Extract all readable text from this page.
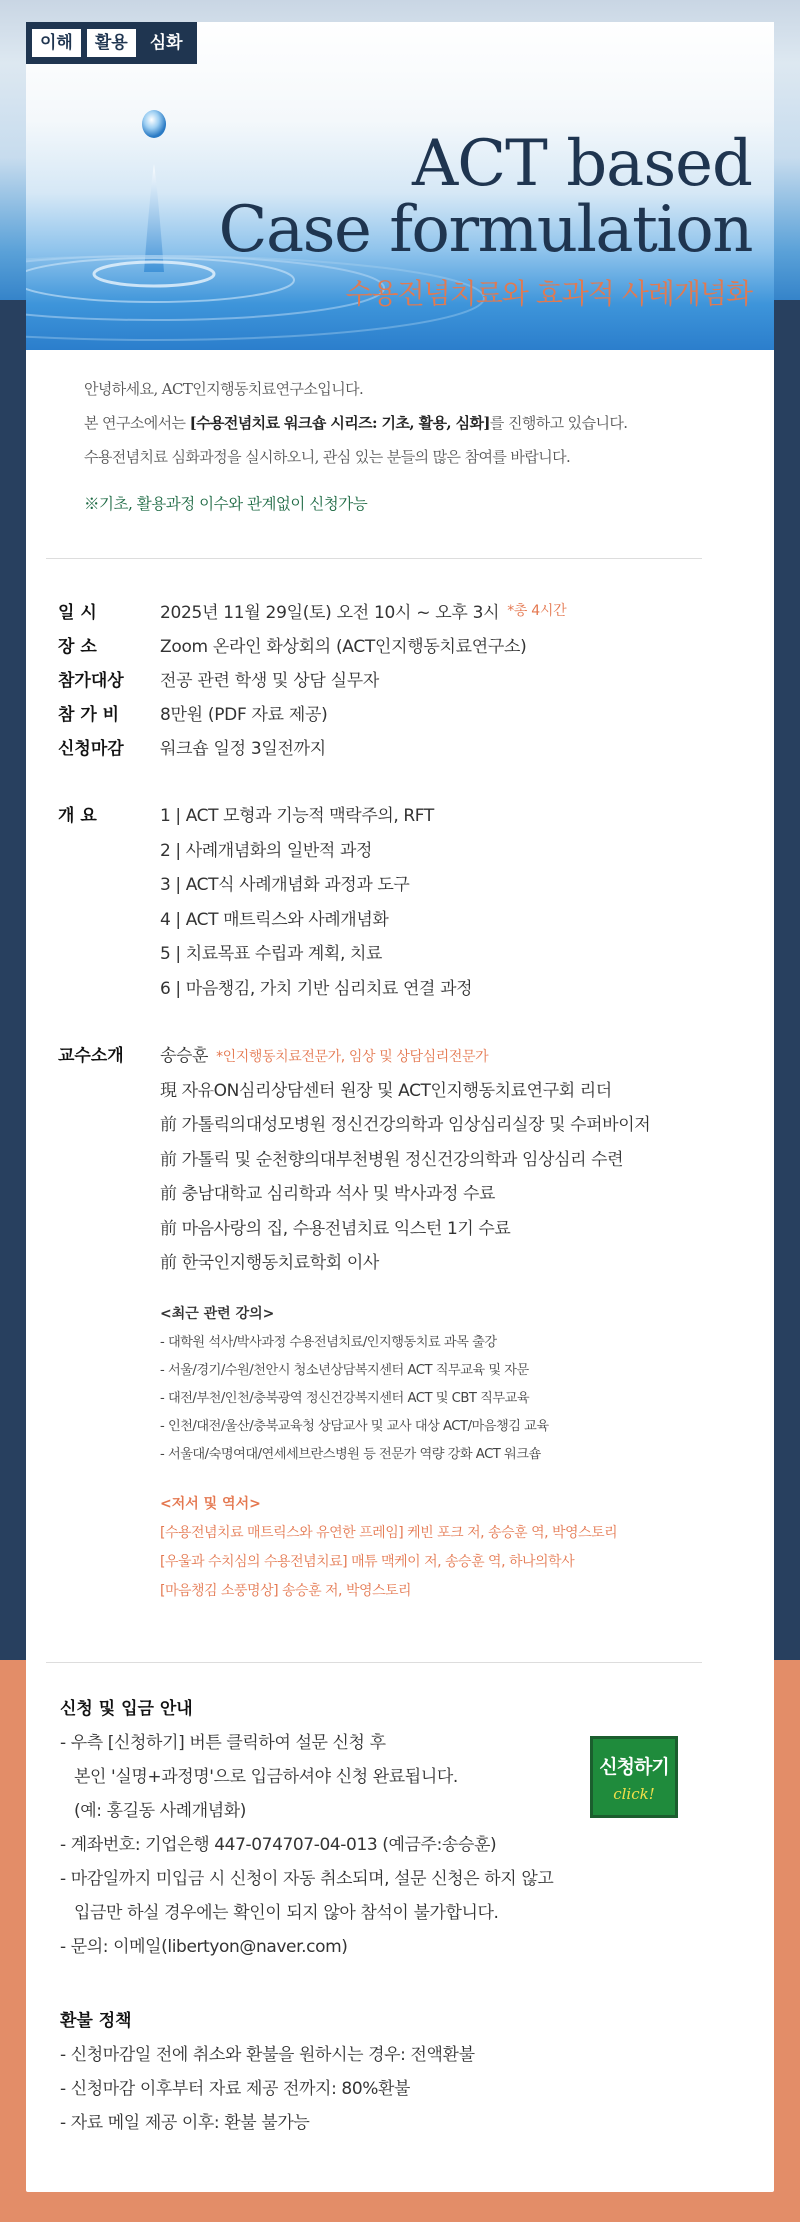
이해	활용	심화
ACT based
Case formulation
수용전념치료와 효과적 사례개념화
안녕하세요, ACT인지행동치료연구소입니다.
본 연구소에서는 [수용전념치료 워크숍 시리즈: 기초, 활용, 심화]를 진행하고 있습니다.
수용전념치료 심화과정을 실시하오니, 관심 있는 분들의 많은 참여를 바랍니다.
※기초, 활용과정 이수와 관계없이 신청가능
일 시	2025년 11월 29일(토) 오전 10시 ~ 오후 3시 *총 4시간
장 소	Zoom 온라인 화상회의 (ACT인지행동치료연구소)
참가대상	전공 관련 학생 및 상담 실무자
참 가 비	8만원 (PDF 자료 제공)
신청마감	워크숍 일정 3일전까지
개 요	1 | ACT 모형과 기능적 맥락주의, RFT
2 | 사례개념화의 일반적 과정
3 | ACT식 사례개념화 과정과 도구
4 | ACT 매트릭스와 사례개념화
5 | 치료목표 수립과 계획, 치료
6 | 마음챙김, 가치 기반 심리치료 연결 과정
교수소개 송승훈 *인지행동치료전문가, 임상 및 상담심리전문가
現 자유ON심리상담센터 원장 및 ACT인지행동치료연구회 리더
前 가톨릭의대성모병원 정신건강의학과 임상심리실장 및 수퍼바이저
前 가톨릭 및 순천향의대부천병원 정신건강의학과 임상심리 수련
前 충남대학교 심리학과 석사 및 박사과정 수료
前 마음사랑의 집, 수용전념치료 익스턴 1기 수료
前 한국인지행동치료학회 이사
<최근 관련 강의>
- 대학원 석사/박사과정 수용전념치료/인지행동치료 과목 출강
- 서울/경기/수원/천안시 청소년상담복지센터 ACT 직무교육 및 자문
- 대전/부천/인천/충북광역 정신건강복지센터 ACT 및 CBT 직무교육
- 인천/대전/울산/충북교육청 상담교사 및 교사 대상 ACT/마음챙김 교육
- 서울대/숙명여대/연세세브란스병원 등 전문가 역량 강화 ACT 워크숍
<저서 및 역서>
[수용전념치료 매트릭스와 유연한 프레임] 케빈 포크 저, 송승훈 역, 박영스토리
[우울과 수치심의 수용전념치료] 매튜 맥케이 저, 송승훈 역, 하나의학사
[마음챙김 소풍명상] 송승훈 저, 박영스토리
신청 및 입금 안내
- 우측 [신청하기] 버튼 클릭하여 설문 신청 후
본인 '실명+과정명'으로 입금하셔야 신청 완료됩니다.
(예: 홍길동 사례개념화)
- 계좌번호: 기업은행 447-074707-04-013 (예금주:송승훈)
- 마감일까지 미입금 시 신청이 자동 취소되며, 설문 신청은 하지 않고
입금만 하실 경우에는 확인이 되지 않아 참석이 불가합니다.
- 문의: 이메일(libertyon@naver.com)
환불 정책
- 신청마감일 전에 취소와 환불을 원하시는 경우: 전액환불
- 신청마감 이후부터 자료 제공 전까지: 80%환불
- 자료 메일 제공 이후: 환불 불가능
신청하기
click!
